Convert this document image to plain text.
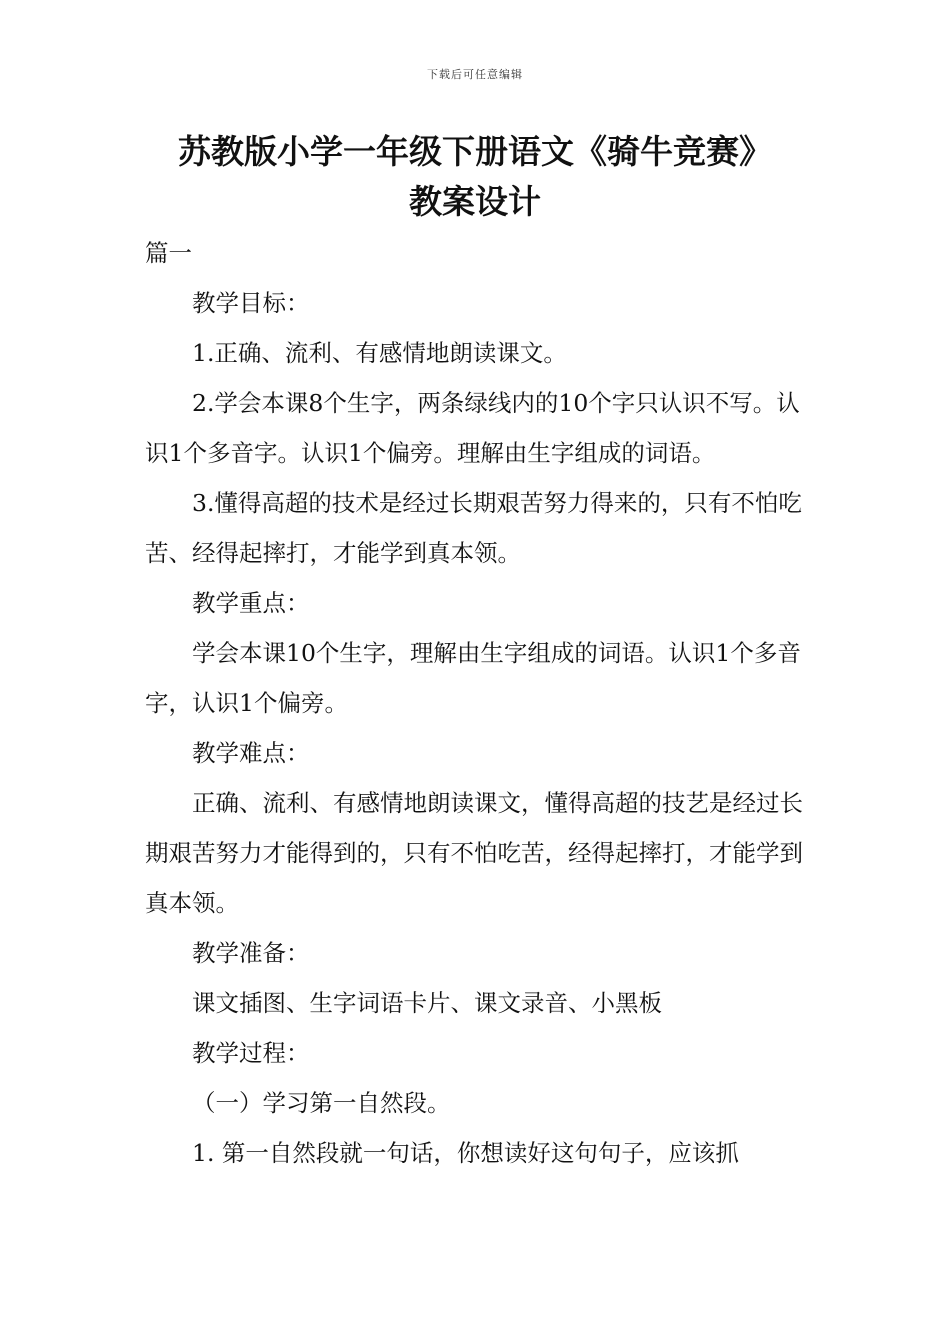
下载后可任意编辑
苏教版小学一年级下册语文《骑牛竞赛》
教案设计

篇一

教学目标：

1.正确、流利、有感情地朗读课文。

2.学会本课8个生字，两条绿线内的10个字只认识不写。认识1个多音字。认识1个偏旁。理解由生字组成的词语。

3.懂得高超的技术是经过长期艰苦努力得来的，只有不怕吃苦、经得起摔打，才能学到真本领。

教学重点：

学会本课10个生字，理解由生字组成的词语。认识1个多音字，认识1个偏旁。

教学难点：

正确、流利、有感情地朗读课文，懂得高超的技艺是经过长期艰苦努力才能得到的，只有不怕吃苦，经得起摔打，才能学到真本领。

教学准备：

课文插图、生字词语卡片、课文录音、小黑板

教学过程：

（一）学习第一自然段。

1. 第一自然段就一句话，你想读好这句句子，应该抓
